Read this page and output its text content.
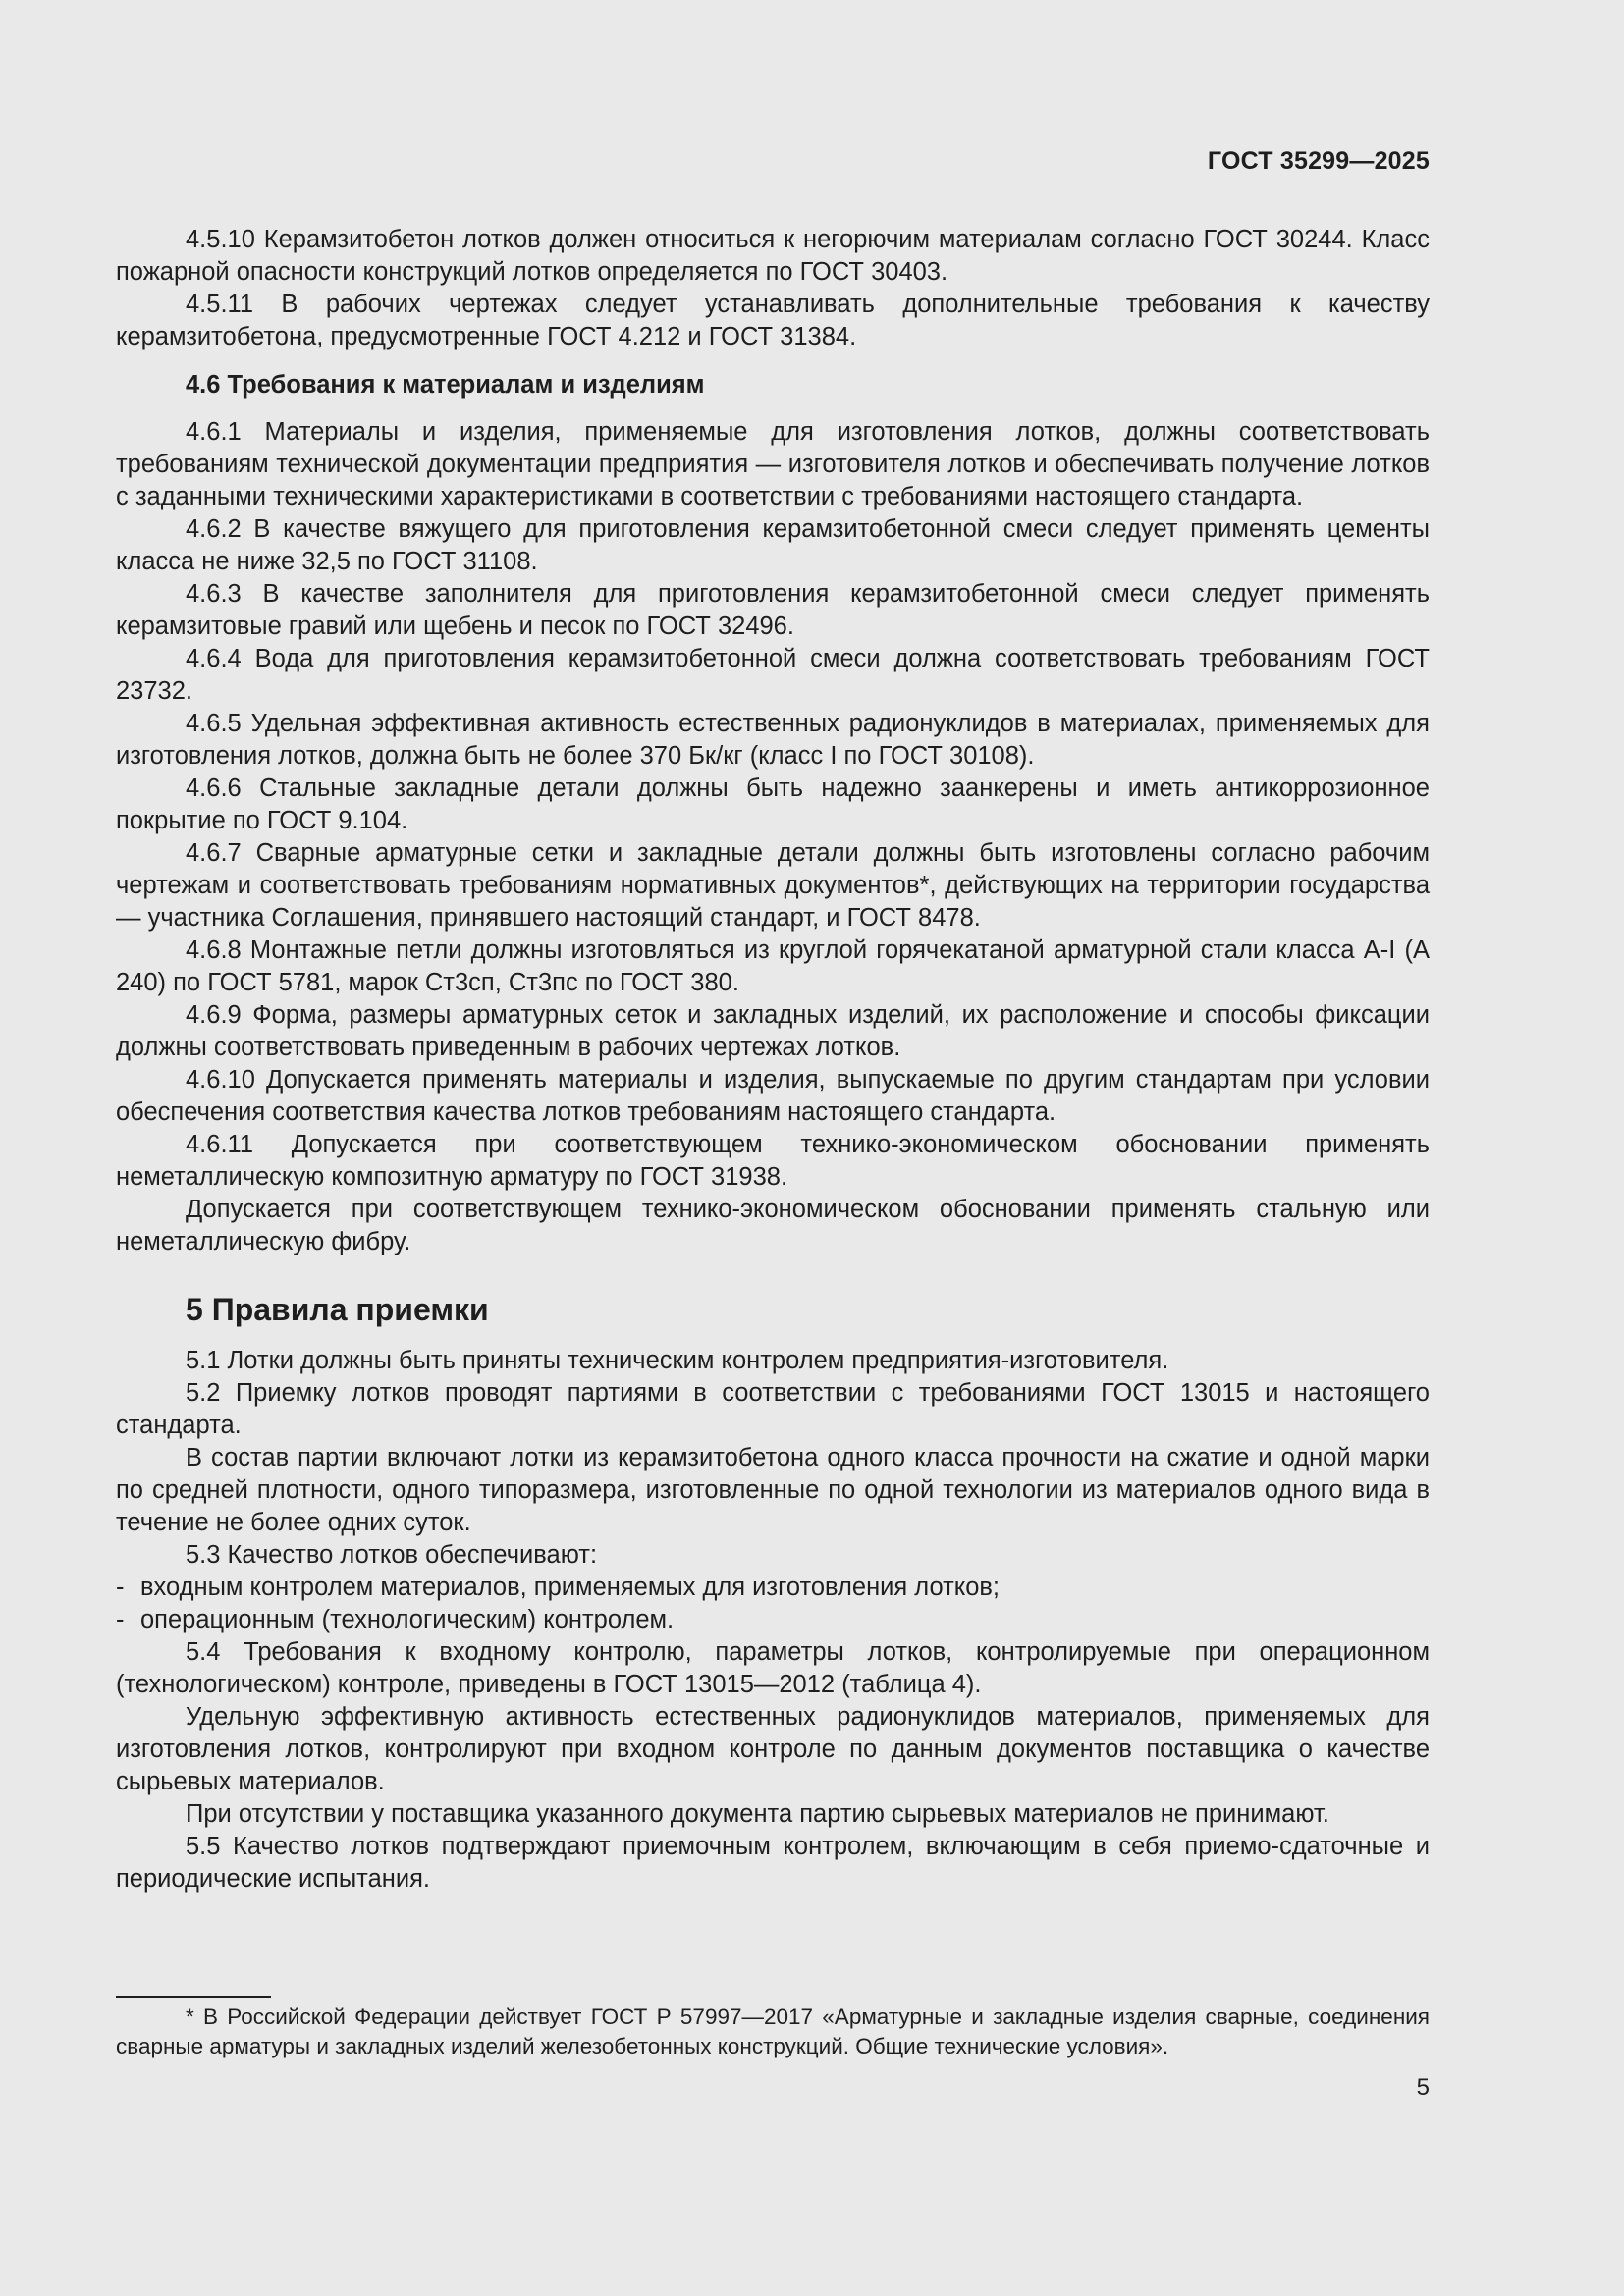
ГОСТ 35299—2025

4.5.10 Керамзитобетон лотков должен относиться к негорючим материалам согласно ГОСТ 30244. Класс пожарной опасности конструкций лотков определяется по ГОСТ 30403.

4.5.11 В рабочих чертежах следует устанавливать дополнительные требования к качеству керамзитобетона, предусмотренные ГОСТ 4.212 и ГОСТ 31384.

4.6 Требования к материалам и изделиям

4.6.1 Материалы и изделия, применяемые для изготовления лотков, должны соответствовать требованиям технической документации предприятия — изготовителя лотков и обеспечивать получение лотков с заданными техническими характеристиками в соответствии с требованиями настоящего стандарта.

4.6.2 В качестве вяжущего для приготовления керамзитобетонной смеси следует применять цементы класса не ниже 32,5 по ГОСТ 31108.

4.6.3 В качестве заполнителя для приготовления керамзитобетонной смеси следует применять керамзитовые гравий или щебень и песок по ГОСТ 32496.

4.6.4 Вода для приготовления керамзитобетонной смеси должна соответствовать требованиям ГОСТ 23732.

4.6.5 Удельная эффективная активность естественных радионуклидов в материалах, применяемых для изготовления лотков, должна быть не более 370 Бк/кг (класс I по ГОСТ 30108).

4.6.6 Стальные закладные детали должны быть надежно заанкерены и иметь антикоррозионное покрытие по ГОСТ 9.104.

4.6.7 Сварные арматурные сетки и закладные детали должны быть изготовлены согласно рабочим чертежам и соответствовать требованиям нормативных документов*, действующих на территории государства — участника Соглашения, принявшего настоящий стандарт, и ГОСТ 8478.

4.6.8 Монтажные петли должны изготовляться из круглой горячекатаной арматурной стали класса А-I (А 240) по ГОСТ 5781, марок Ст3сп, Ст3пс по ГОСТ 380.

4.6.9 Форма, размеры арматурных сеток и закладных изделий, их расположение и способы фиксации должны соответствовать приведенным в рабочих чертежах лотков.

4.6.10 Допускается применять материалы и изделия, выпускаемые по другим стандартам при условии обеспечения соответствия качества лотков требованиям настоящего стандарта.

4.6.11 Допускается при соответствующем технико-экономическом обосновании применять неметаллическую композитную арматуру по ГОСТ 31938.

Допускается при соответствующем технико-экономическом обосновании применять стальную или неметаллическую фибру.

5 Правила приемки

5.1 Лотки должны быть приняты техническим контролем предприятия-изготовителя.

5.2 Приемку лотков проводят партиями в соответствии с требованиями ГОСТ 13015 и настоящего стандарта.

В состав партии включают лотки из керамзитобетона одного класса прочности на сжатие и одной марки по средней плотности, одного типоразмера, изготовленные по одной технологии из материалов одного вида в течение не более одних суток.

5.3 Качество лотков обеспечивают:

- входным контролем материалов, применяемых для изготовления лотков;

- операционным (технологическим) контролем.

5.4 Требования к входному контролю, параметры лотков, контролируемые при операционном (технологическом) контроле, приведены в ГОСТ 13015—2012 (таблица 4).

Удельную эффективную активность естественных радионуклидов материалов, применяемых для изготовления лотков, контролируют при входном контроле по данным документов поставщика о качестве сырьевых материалов.

При отсутствии у поставщика указанного документа партию сырьевых материалов не принимают.

5.5 Качество лотков подтверждают приемочным контролем, включающим в себя приемо-сдаточные и периодические испытания.

* В Российской Федерации действует ГОСТ Р 57997—2017 «Арматурные и закладные изделия сварные, соединения сварные арматуры и закладных изделий железобетонных конструкций. Общие технические условия».

5
